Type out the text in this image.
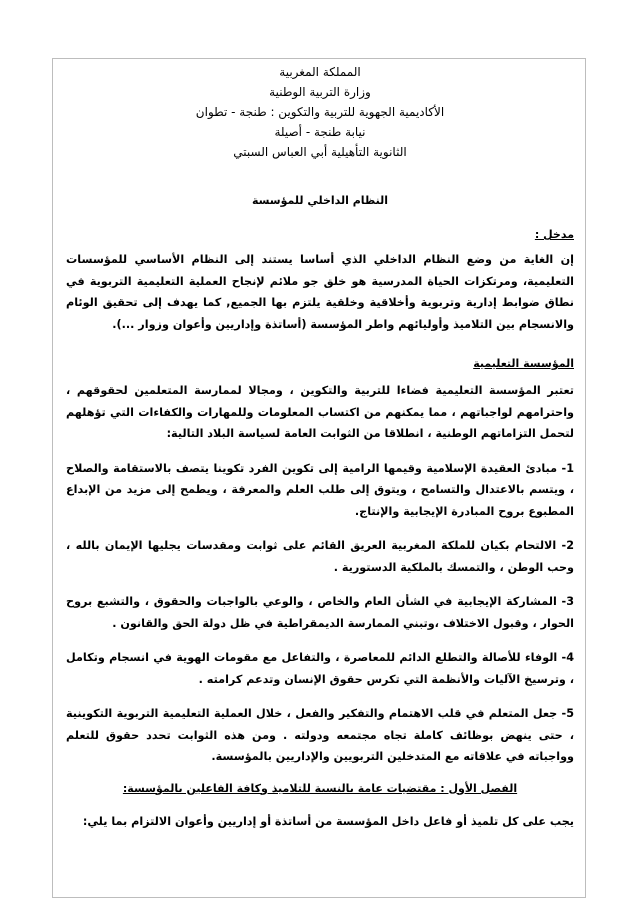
المملكة المغربية

وزارة التربية الوطنية

الأكاديمية الجهوية للتربية والتكوين : طنجة - تطوان

نيابة طنجة - أصيلة

الثانوية التأهيلية أبي العباس السبتي

النظام الداخلي للمؤسسة

مدخل :

إن الغاية من وضع النظام الداخلي الذي أساسا يستند إلى النظام الأساسي للمؤسسات التعليمية، ومرتكزات الحياة المدرسية هو خلق جو ملائم لإنجاح العملية التعليمية التربوية في نطاق ضوابط إدارية وتربوية وأخلاقية وخلقية يلتزم بها الجميع, كما يهدف إلى تحقيق الوئام والانسجام بين التلاميذ وأوليائهم واطر المؤسسة (أساتذة وإداريين وأعوان وزوار ...).

المؤسسة التعليمية

تعتبر المؤسسة التعليمية فضاءا للتربية والتكوين ، ومجالا لممارسة المتعلمين لحقوقهم ، واحترامهم لواجباتهم ، مما يمكنهم من اكتساب المعلومات وللمهارات والكفاءات التي تؤهلهم لتحمل التزاماتهم الوطنية ، انطلاقا من الثوابت العامة لسياسة البلاد التالية:

1- مبادئ العقيدة الإسلامية وقيمها الرامية إلى تكوين الفرد تكوينا يتصف بالاستقامة والصلاح ، ويتسم بالاعتدال والتسامح ، ويتوق إلى طلب العلم والمعرفة ، ويطمح إلى مزيد من الإبداع المطبوع بروح المبادرة الإيجابية والإنتاج.

2- الالتحام بكيان للملكة المغربية العريق القائم على ثوابت ومقدسات يجليها الإيمان بالله ، وحب الوطن ، والتمسك بالملكية الدستورية .

3- المشاركة الإيجابية في الشأن العام والخاص ، والوعي بالواجبات والحقوق ، والتشبع بروح الحوار ، وقبول الاختلاف ،وتبني الممارسة الديمقراطية في ظل دولة الحق والقانون .

4- الوفاء للأصالة والتطلع الدائم للمعاصرة ، والتفاعل مع مقومات الهوية في انسجام وتكامل ، وترسيخ الآليات والأنظمة التي تكرس حقوق الإنسان وتدعم كرامته .

5- جعل المتعلم في قلب الاهتمام والتفكير والفعل ، خلال العملية التعليمية التربوية التكوينية ، حتى ينهض بوظائف كاملة تجاه مجتمعه ودولته . ومن هذه الثوابت تحدد حقوق للتعلم وواجباته في علاقاته مع المتدخلين التربويين والإداريين بالمؤسسة.

الفصل الأول : مقتضيات عامة بالنسبة للتلاميذ وكافة الفاعلين بالمؤسسة:

يجب على كل تلميذ أو فاعل داخل المؤسسة من أساتذة أو إداريين وأعوان الالتزام بما يلي:
